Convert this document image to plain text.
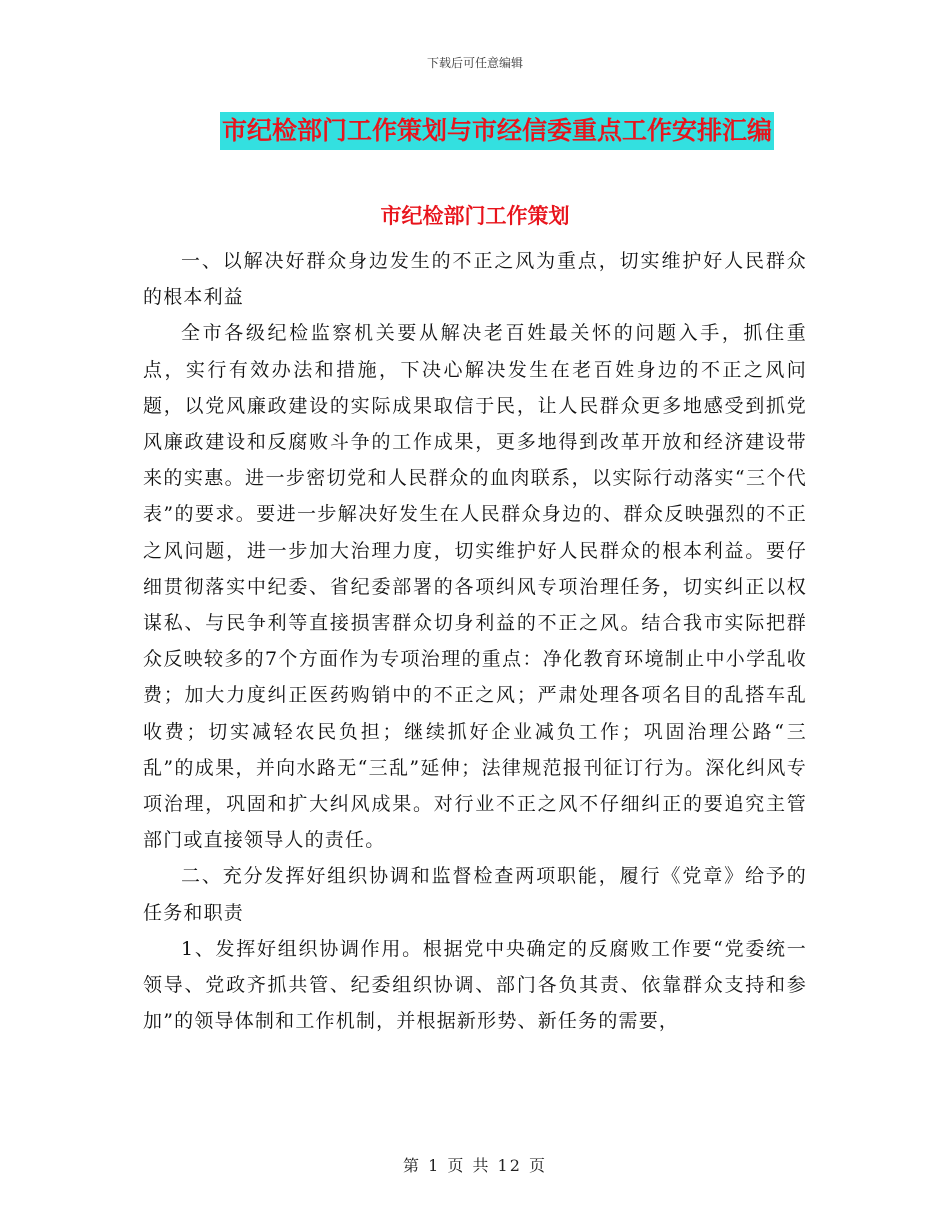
下载后可任意编辑
市纪检部门工作策划与市经信委重点工作安排汇编
市纪检部门工作策划

一、以解决好群众身边发生的不正之风为重点，切实维护好人民群众的根本利益

全市各级纪检监察机关要从解决老百姓最关怀的问题入手，抓住重点，实行有效办法和措施，下决心解决发生在老百姓身边的不正之风问题，以党风廉政建设的实际成果取信于民，让人民群众更多地感受到抓党风廉政建设和反腐败斗争的工作成果，更多地得到改革开放和经济建设带来的实惠。进一步密切党和人民群众的血肉联系，以实际行动落实“三个代表”的要求。要进一步解决好发生在人民群众身边的、群众反映强烈的不正之风问题，进一步加大治理力度，切实维护好人民群众的根本利益。要仔细贯彻落实中纪委、省纪委部署的各项纠风专项治理任务，切实纠正以权谋私、与民争利等直接损害群众切身利益的不正之风。结合我市实际把群众反映较多的7个方面作为专项治理的重点：净化教育环境制止中小学乱收费；加大力度纠正医药购销中的不正之风；严肃处理各项名目的乱搭车乱收费；切实减轻农民负担；继续抓好企业减负工作；巩固治理公路“三乱”的成果，并向水路无“三乱”延伸；法律规范报刊征订行为。深化纠风专项治理，巩固和扩大纠风成果。对行业不正之风不仔细纠正的要追究主管部门或直接领导人的责任。

二、充分发挥好组织协调和监督检查两项职能，履行《党章》给予的任务和职责

1、发挥好组织协调作用。根据党中央确定的反腐败工作要“党委统一领导、党政齐抓共管、纪委组织协调、部门各负其责、依靠群众支持和参加”的领导体制和工作机制，并根据新形势、新任务的需要，

第 1 页 共 12 页
